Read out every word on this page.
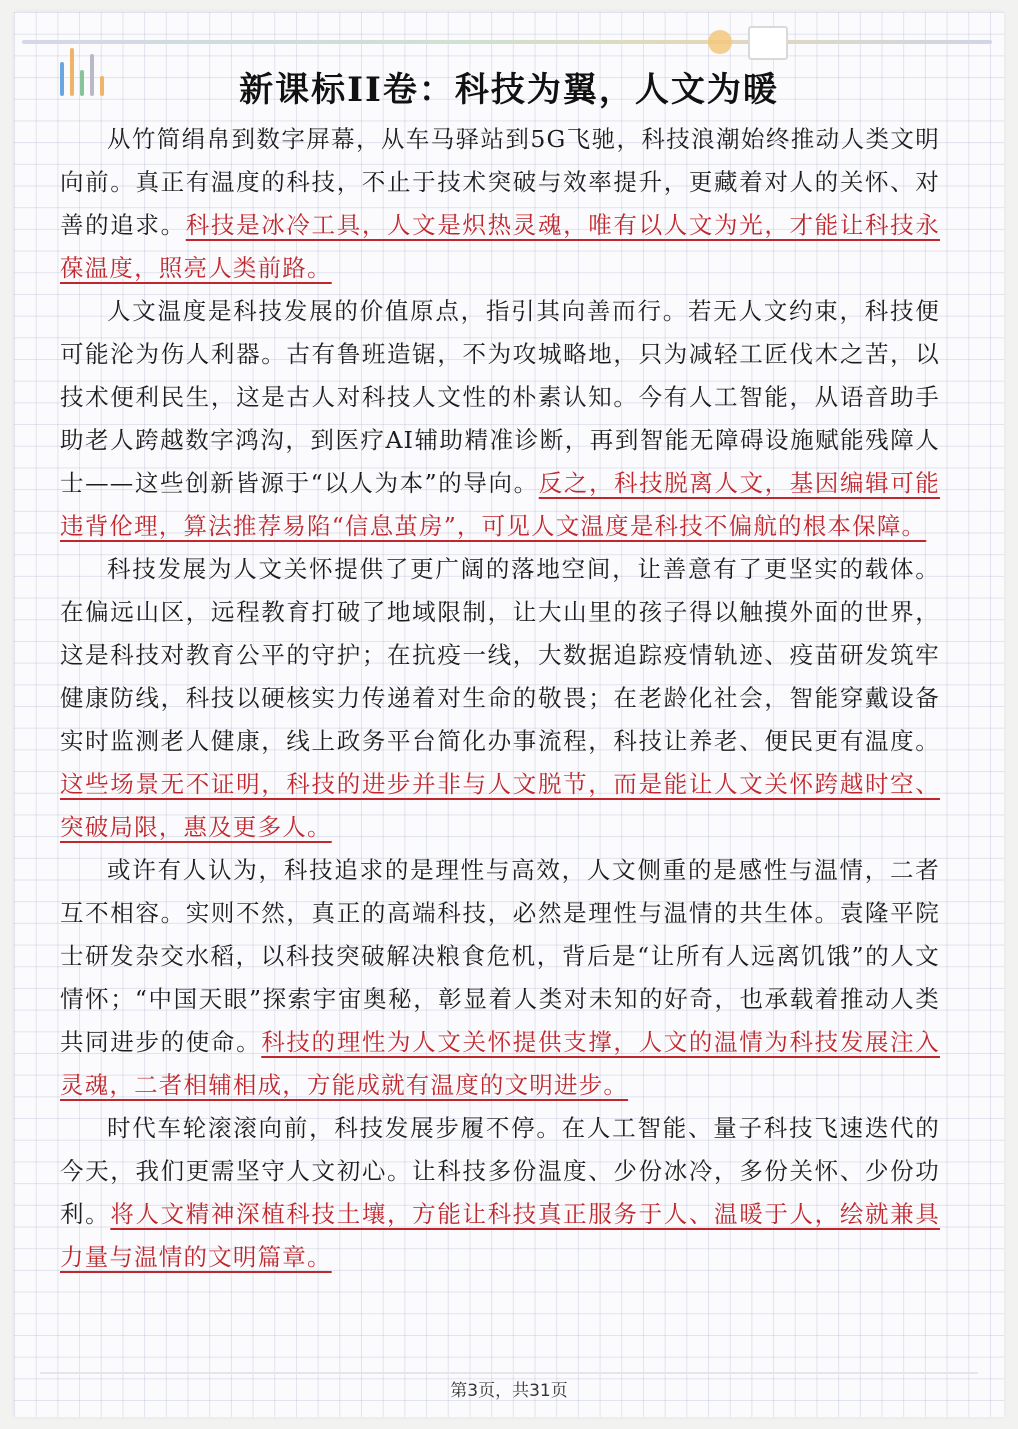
新课标II卷：科技为翼，人文为暖

从竹简绢帛到数字屏幕，从车马驿站到5G飞驰，科技浪潮始终推动人类文明向前。真正有温度的科技，不止于技术突破与效率提升，更藏着对人的关怀、对善的追求。科技是冰冷工具，人文是炽热灵魂，唯有以人文为光，才能让科技永葆温度，照亮人类前路。

人文温度是科技发展的价值原点，指引其向善而行。若无人文约束，科技便可能沦为伤人利器。古有鲁班造锯，不为攻城略地，只为减轻工匠伐木之苦，以技术便利民生，这是古人对科技人文性的朴素认知。今有人工智能，从语音助手助老人跨越数字鸿沟，到医疗AI辅助精准诊断，再到智能无障碍设施赋能残障人士——这些创新皆源于“以人为本”的导向。反之，科技脱离人文，基因编辑可能违背伦理，算法推荐易陷“信息茧房”，可见人文温度是科技不偏航的根本保障。

科技发展为人文关怀提供了更广阔的落地空间，让善意有了更坚实的载体。在偏远山区，远程教育打破了地域限制，让大山里的孩子得以触摸外面的世界，这是科技对教育公平的守护；在抗疫一线，大数据追踪疫情轨迹、疫苗研发筑牢健康防线，科技以硬核实力传递着对生命的敬畏；在老龄化社会，智能穿戴设备实时监测老人健康，线上政务平台简化办事流程，科技让养老、便民更有温度。这些场景无不证明，科技的进步并非与人文脱节，而是能让人文关怀跨越时空、突破局限，惠及更多人。

或许有人认为，科技追求的是理性与高效，人文侧重的是感性与温情，二者互不相容。实则不然，真正的高端科技，必然是理性与温情的共生体。袁隆平院士研发杂交水稻，以科技突破解决粮食危机，背后是“让所有人远离饥饿”的人文情怀；“中国天眼”探索宇宙奥秘，彰显着人类对未知的好奇，也承载着推动人类共同进步的使命。科技的理性为人文关怀提供支撑，人文的温情为科技发展注入灵魂，二者相辅相成，方能成就有温度的文明进步。

时代车轮滚滚向前，科技发展步履不停。在人工智能、量子科技飞速迭代的今天，我们更需坚守人文初心。让科技多份温度、少份冰冷，多份关怀、少份功利。将人文精神深植科技土壤，方能让科技真正服务于人、温暖于人，绘就兼具力量与温情的文明篇章。

第3页，共31页
